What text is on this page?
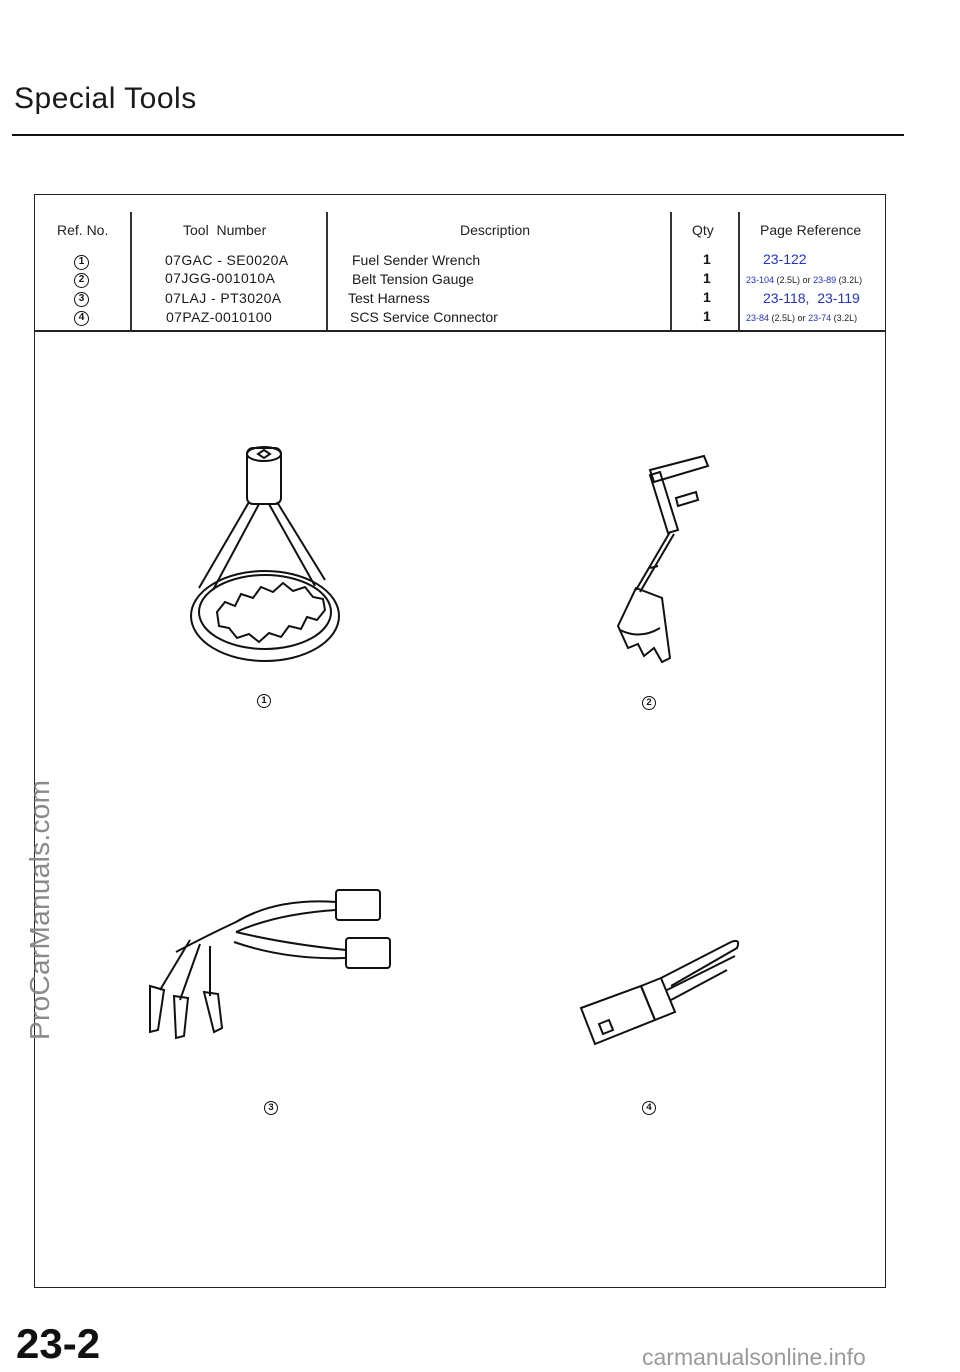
Special Tools
Ref. No.	Tool  Number	Description	Qty	Page Reference
1	07GAC - SE0020A	Fuel Sender Wrench	1	23-122
2	07JGG-001010A	Belt Tension Gauge	1	23-104 (2.5L) or 23-89 (3.2L)
3	07LAJ - PT3020A	Test Harness	1	23-118,  23-119
4	07PAZ-0010100	SCS Service Connector	1	23-84 (2.5L) or 23-74 (3.2L)
1	2
3	4
23-2
ProCarManuals.com
carmanualsonline.info
